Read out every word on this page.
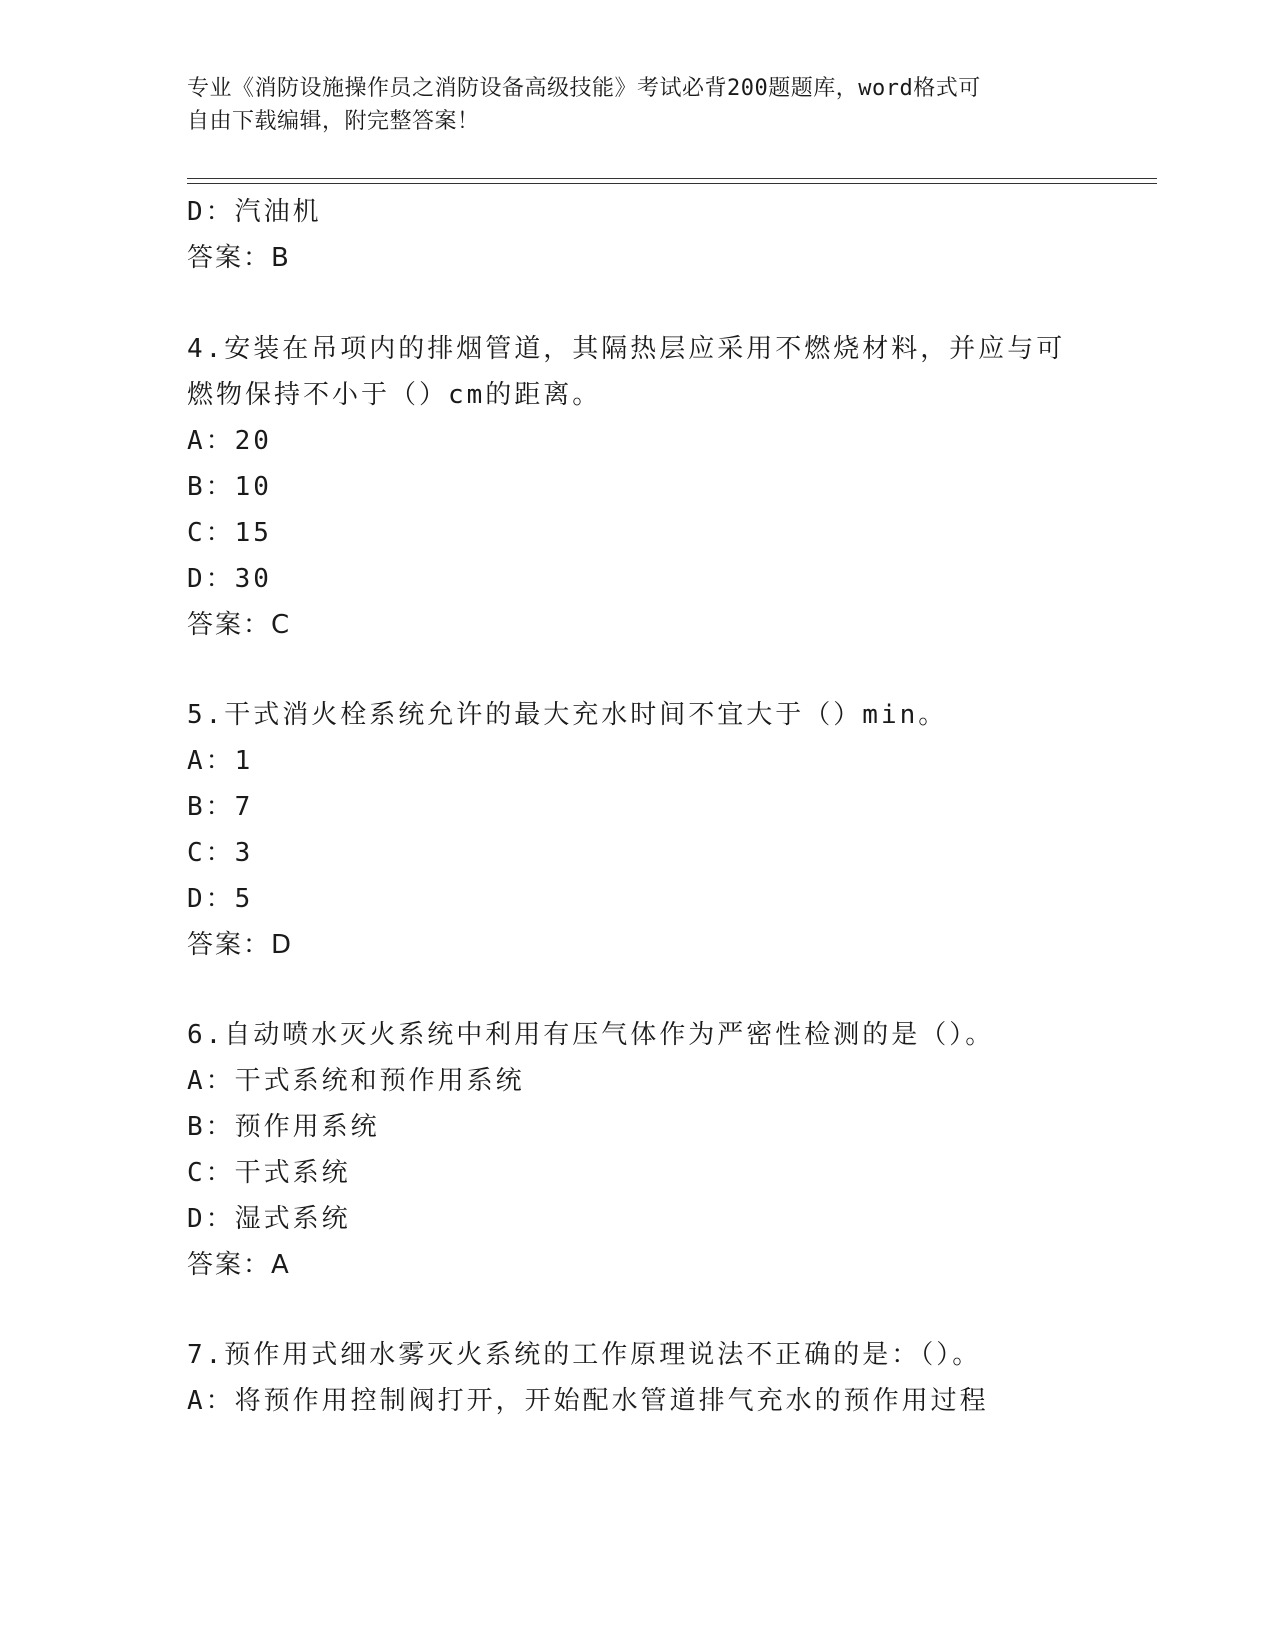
专业《消防设施操作员之消防设备高级技能》考试必背200题题库，word格式可
自由下载编辑，附完整答案！
D：汽油机
答案：B
4.安装在吊项内的排烟管道，其隔热层应采用不燃烧材料，并应与可
燃物保持不小于（）cm的距离。
A：20
B：10
C：15
D：30
答案：C
5.干式消火栓系统允许的最大充水时间不宜大于（）min。
A：1
B：7
C：3
D：5
答案：D
6.自动喷水灭火系统中利用有压气体作为严密性检测的是（）。
A：干式系统和预作用系统
B：预作用系统
C：干式系统
D：湿式系统
答案：A
7.预作用式细水雾灭火系统的工作原理说法不正确的是：（）。
A：将预作用控制阀打开，开始配水管道排气充水的预作用过程
